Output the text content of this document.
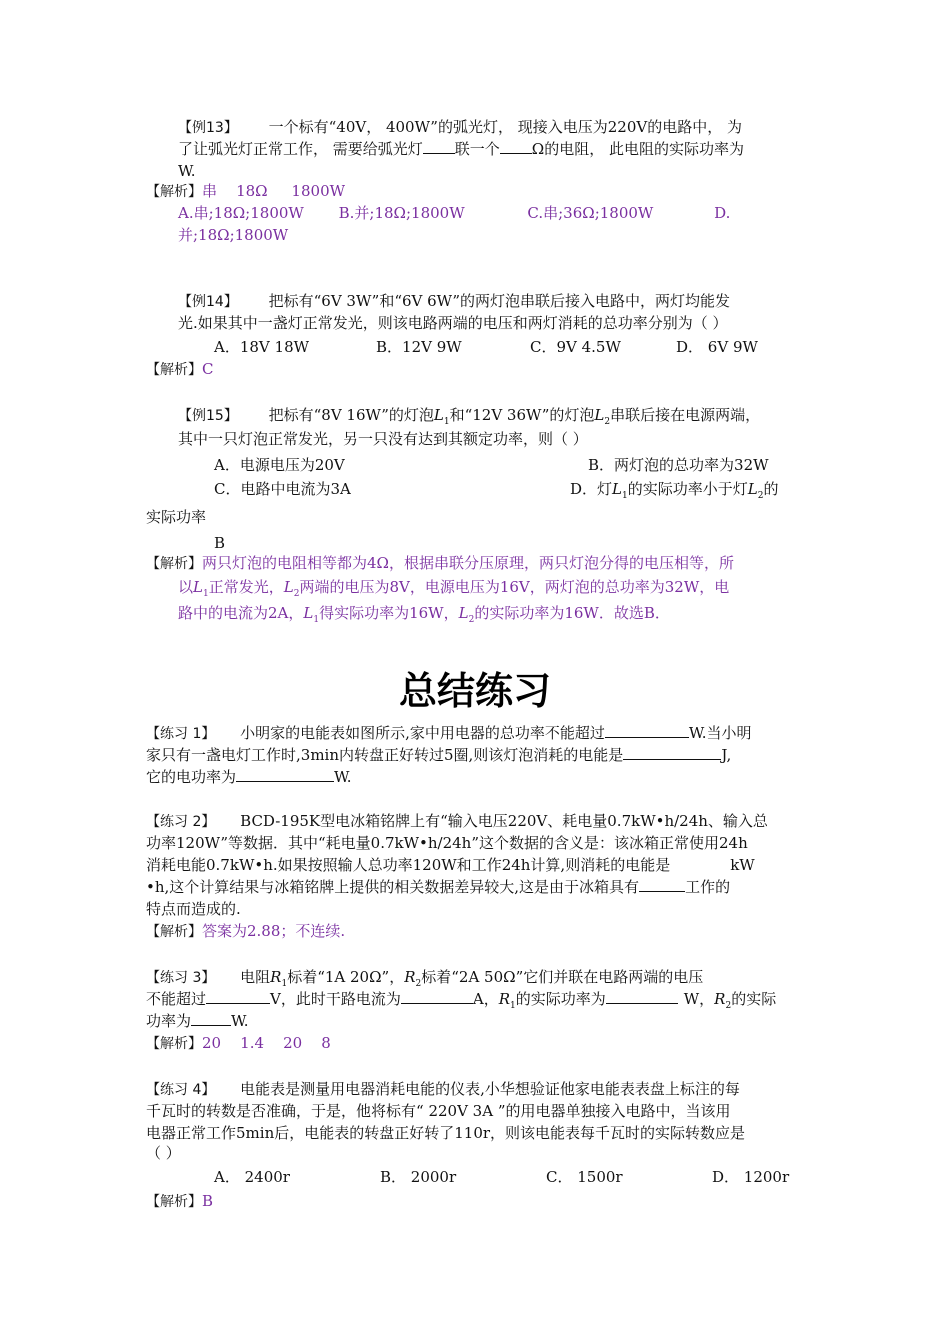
【例13】 一个标有“40V， 400W”的弧光灯， 现接入电压为220V的电路中， 为
了让弧光灯正常工作， 需要给弧光灯 联一个 Ω的电阻， 此电阻的实际功率为
W.
【解析】串    18Ω     1800W
A.串;18Ω;1800W B.并;18Ω;1800W	C.串;36Ω;1800W	D.
并;18Ω;1800W
【例14】 把标有“6V 3W”和“6V 6W”的两灯泡串联后接入电路中，两灯均能发
光.如果其中一盏灯正常发光，则该电路两端的电压和两灯消耗的总功率分别为（ ）
A．18V 18W	B．12V 9W	C．9V 4.5W	D． 6V 9W
【解析】C
【例15】 把标有“8V 16W”的灯泡$L_1$和“12V 36W”的灯泡$L_2$串联后接在电源两端，
其中一只灯泡正常发光，另一只没有达到其额定功率，则（ ）
A．电源电压为20V	B．两灯泡的总功率为32W
C．电路中电流为3A	D．灯$L_1$的实际功率小于灯$L_2$的
实际功率
B
【解析】两只灯泡的电阻相等都为4Ω，根据串联分压原理，两只灯泡分得的电压相等，所
以$L_1$正常发光，$L_2$两端的电压为8V，电源电压为16V，两灯泡的总功率为32W，电
路中的电流为2A，$L_1$得实际功率为16W，$L_2$的实际功率为16W．故选B．
总结练习
【练习 1】 小明家的电能表如图所示,家中用电器的总功率不能超过	W.当小明
家只有一盏电灯工作时,3min内转盘正好转过5圈,则该灯泡消耗的电能是	J,
它的电功率为	W.
【练习 2】 BCD-195K型电冰箱铭牌上有“输入电压220V、耗电量0.7kW•h/24h、输入总
功率120W”等数据．其中“耗电量0.7kW•h/24h”这个数据的含义是：该冰箱正常使用24h
消耗电能0.7kW•h.如果按照输人总功率120W和工作24h计算,则消耗的电能是	kW
•h,这个计算结果与冰箱铭牌上提供的相关数据差异较大,这是由于冰箱具有	工作的
特点而造成的.
【解析】答案为2.88；不连续.
【练习 3】 电阻$R_1$标着“1A 20Ω”，$R_2$标着“2A 50Ω”它们并联在电路两端的电压
不能超过	V，此时干路电流为	A，$R_1$的实际功率为	W，$R_2$的实际
功率为	W.
【解析】20    1.4    20    8
【练习 4】 电能表是测量用电器消耗电能的仪表,小华想验证他家电能表表盘上标注的每
千瓦时的转数是否准确，于是，他将标有“ 220V 3A ”的用电器单独接入电路中，当该用
电器正常工作5min后，电能表的转盘正好转了110r，则该电能表每千瓦时的实际转数应是
（ ）
A． 2400r	B． 2000r	C． 1500r	D． 1200r
【解析】B
